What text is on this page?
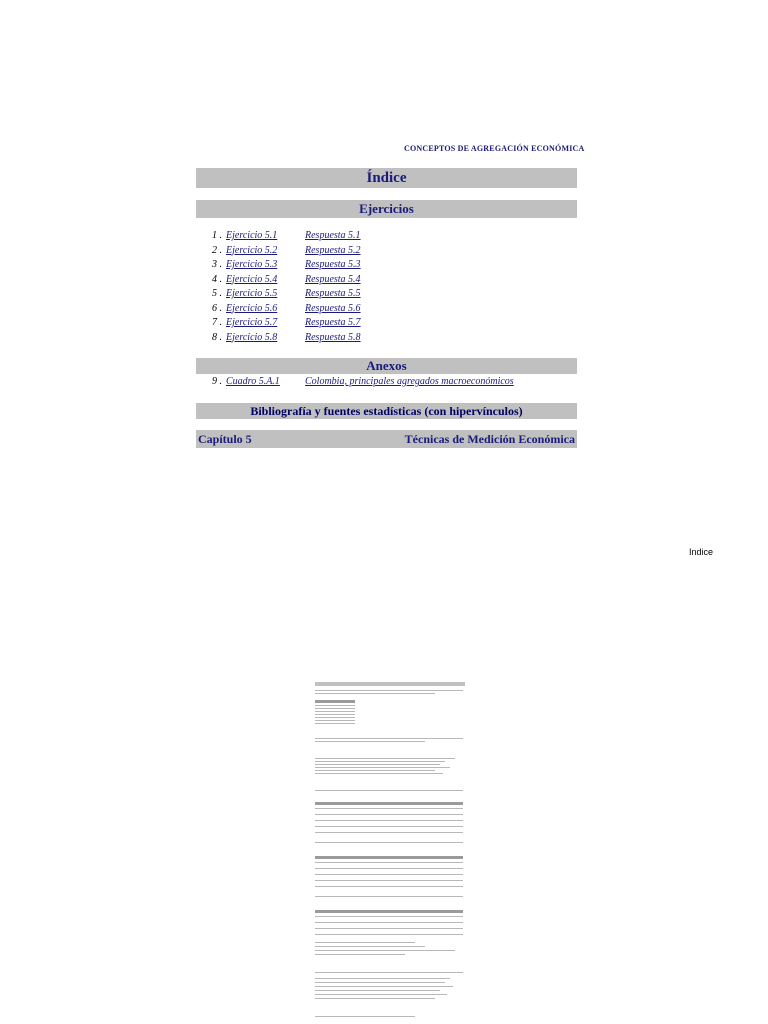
CONCEPTOS DE AGREGACIÓN ECONÓMICA
Índice
Ejercicios
1 . Ejercicio 5.1	Respuesta 5.1
2 . Ejercicio 5.2	Respuesta 5.2
3 . Ejercicio 5.3	Respuesta 5.3
4 . Ejercicio 5.4	Respuesta 5.4
5 . Ejercicio 5.5	Respuesta 5.5
6 . Ejercicio 5.6	Respuesta 5.6
7 . Ejercicio 5.7	Respuesta 5.7
8 . Ejercicio 5.8	Respuesta 5.8
Anexos
9 . Cuadro 5.A.1	Colombia, principales agregados macroeconómicos
Bibliografía y fuentes estadísticas (con hipervínculos)
Capítulo 5	Técnicas de Medición Económica
Indice
